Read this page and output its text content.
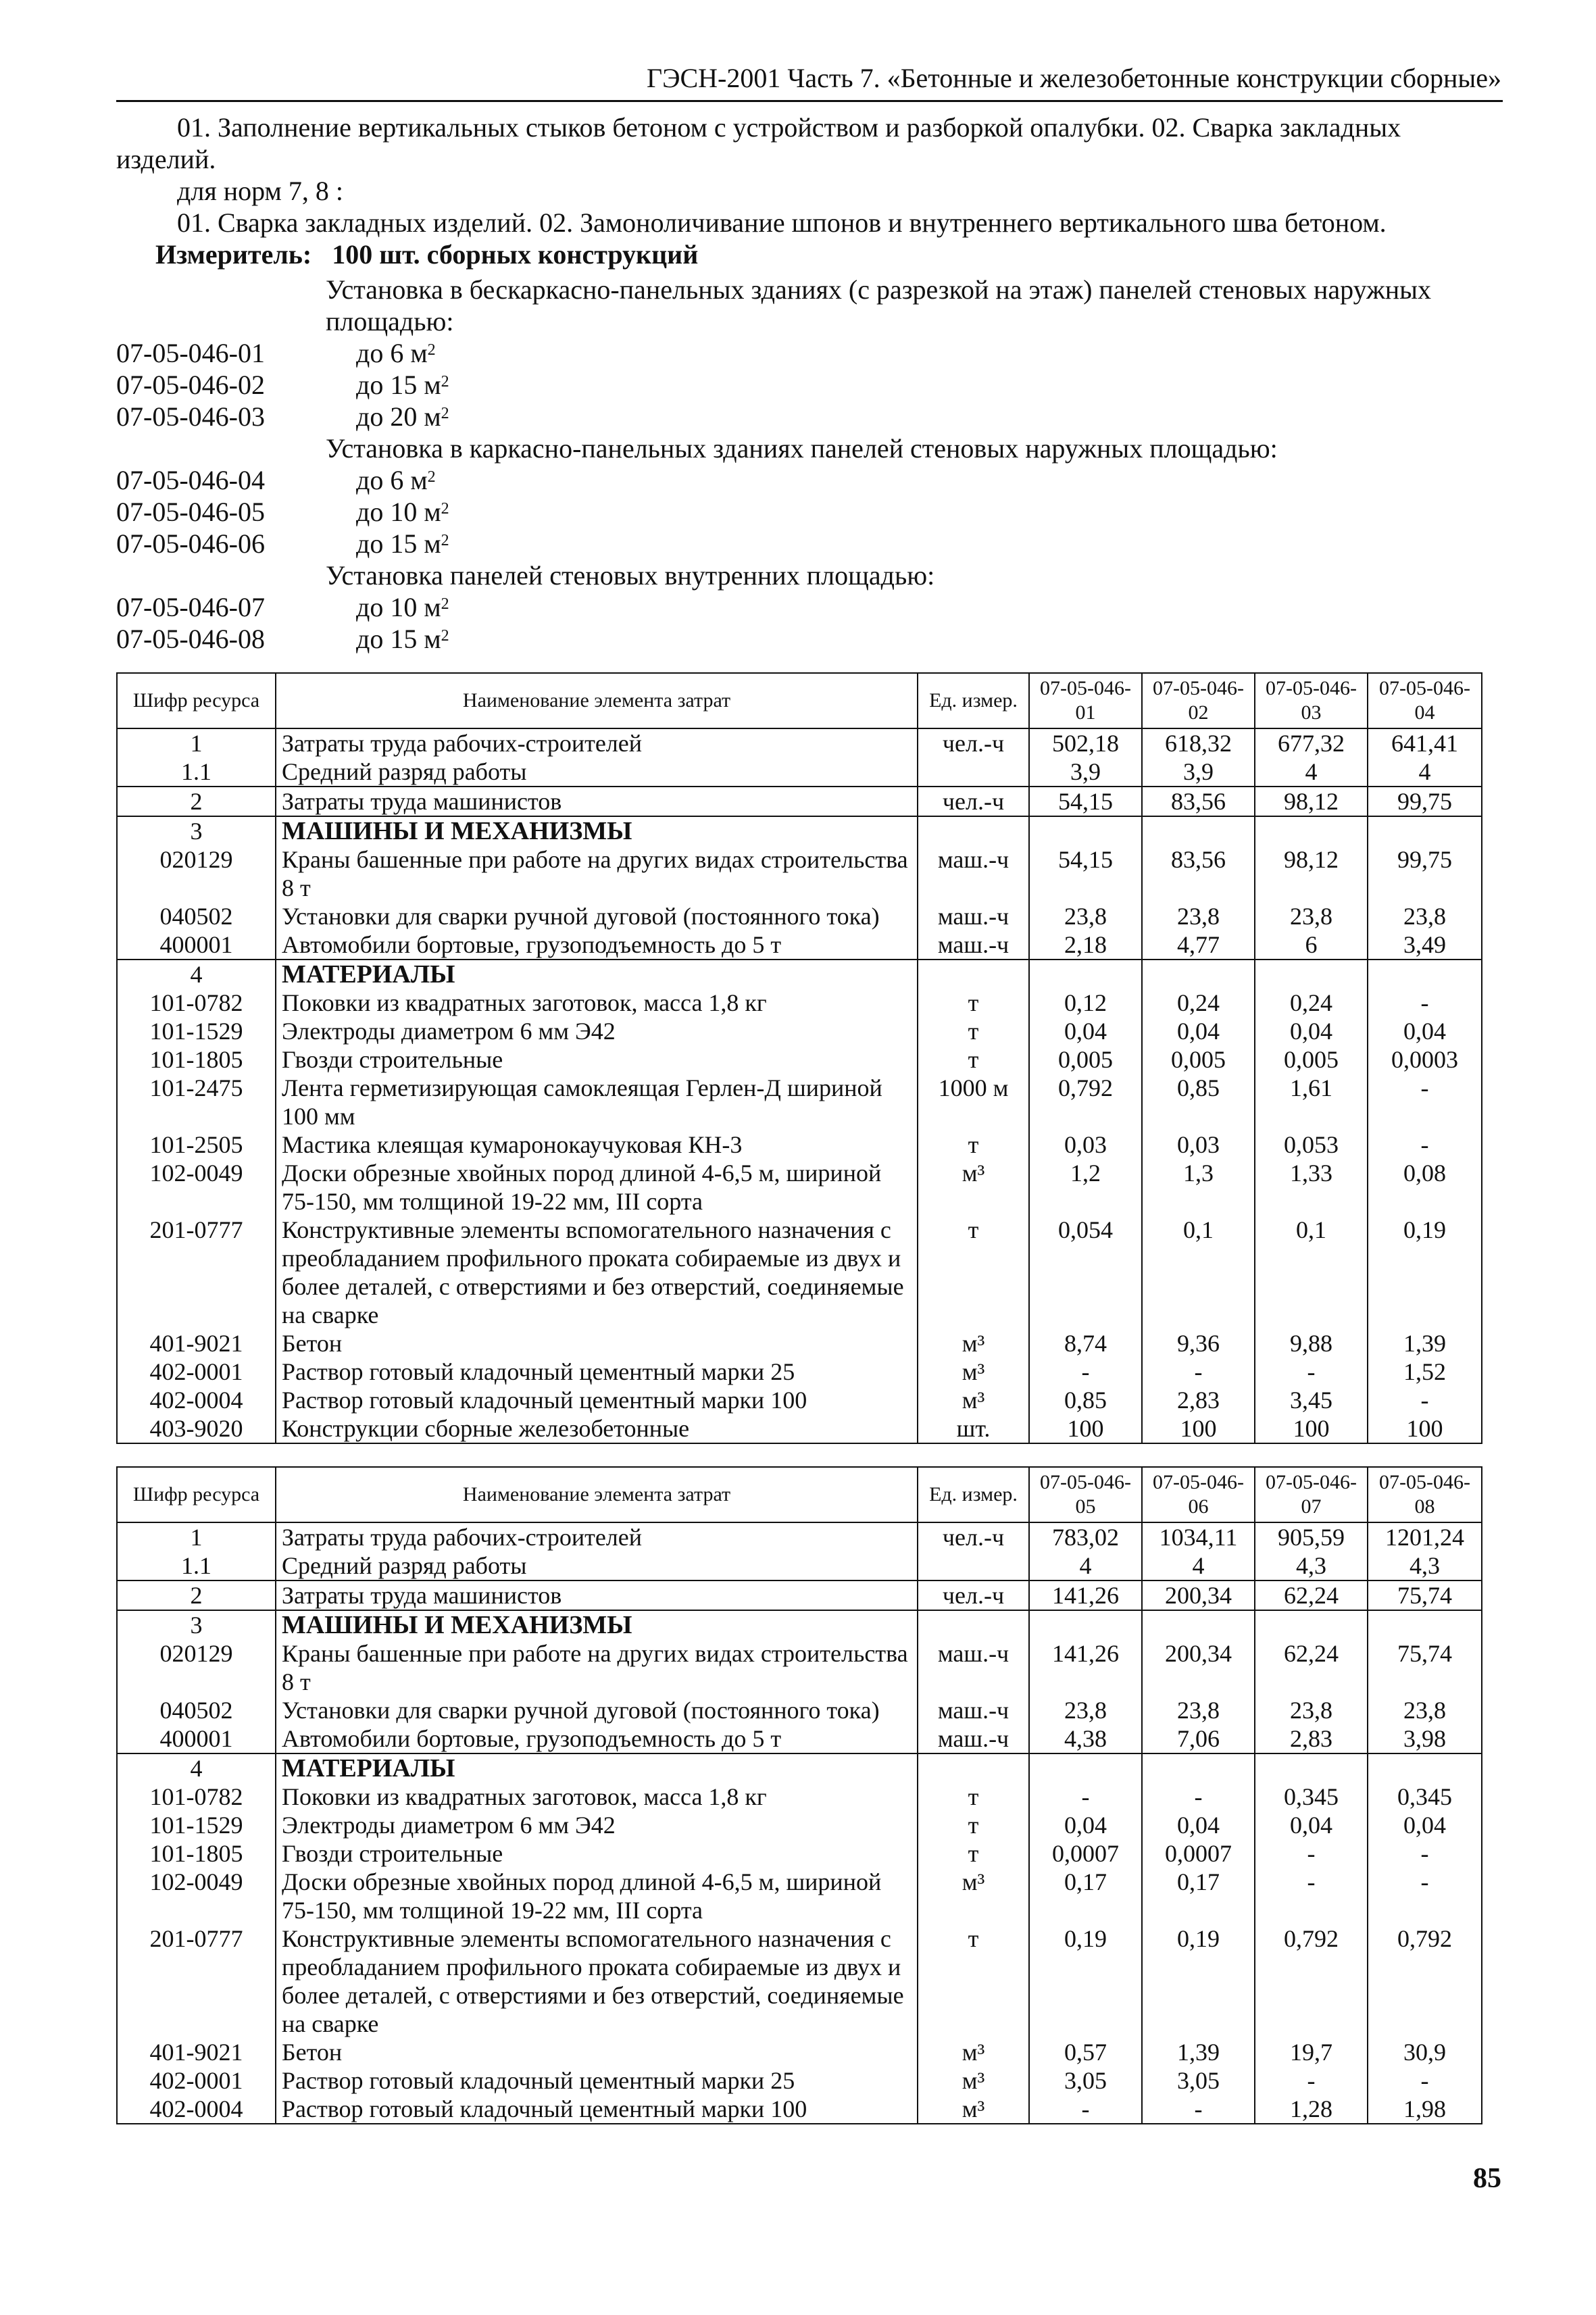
ГЭСН-2001 Часть 7. «Бетонные и железобетонные конструкции сборные»
01. Заполнение вертикальных стыков бетоном с устройством и разборкой опалубки. 02. Сварка закладных изделий.
для норм 7, 8 :
01. Сварка закладных изделий. 02. Замоноличивание шпонов и внутреннего вертикального шва бетоном.
Измеритель: 100 шт. сборных конструкций
Установка в бескаркасно-панельных зданиях (с разрезкой на этаж) панелей стеновых наружных площадью:
07-05-046-01	до 6 $м^2$
07-05-046-02	до 15 $м^2$
07-05-046-03	до 20 $м^2$
Установка в каркасно-панельных зданиях панелей стеновых наружных площадью:
07-05-046-04	до 6 $м^2$
07-05-046-05	до 10 $м^2$
07-05-046-06	до 15 $м^2$
Установка панелей стеновых внутренних площадью:
07-05-046-07	до 10 $м^2$
07-05-046-08	до 15 $м^2$
Шифр ресурса	Наименование элемента затрат	Ед. измер.	07-05-046-01	07-05-046-02	07-05-046-03	07-05-046-04
1	Затраты труда рабочих-строителей	чел.-ч	502,18	618,32	677,32	641,41
1.1	Средний разряд работы		3,9	3,9	4	4
2	Затраты труда машинистов	чел.-ч	54,15	83,56	98,12	99,75
3	МАШИНЫ И МЕХАНИЗМЫ					
020129	Краны башенные при работе на других видах строительства 8 т	маш.-ч	54,15	83,56	98,12	99,75
040502	Установки для сварки ручной дуговой (постоянного тока)	маш.-ч	23,8	23,8	23,8	23,8
400001	Автомобили бортовые, грузоподъемность до 5 т	маш.-ч	2,18	4,77	6	3,49
4	МАТЕРИАЛЫ					
101-0782	Поковки из квадратных заготовок, масса 1,8 кг	т	0,12	0,24	0,24	-
101-1529	Электроды диаметром 6 мм Э42	т	0,04	0,04	0,04	0,04
101-1805	Гвозди строительные	т	0,005	0,005	0,005	0,0003
101-2475	Лента герметизирующая самоклеящая Герлен-Д шириной 100 мм	1000 м	0,792	0,85	1,61	-
101-2505	Мастика клеящая кумаронокаучуковая КН-3	т	0,03	0,03	0,053	-
102-0049	Доски обрезные хвойных пород длиной 4-6,5 м, шириной 75-150, мм толщиной 19-22 мм, III сорта	м³	1,2	1,3	1,33	0,08
201-0777	Конструктивные элементы вспомогательного назначения с преобладанием профильного проката собираемые из двух и более деталей, с отверстиями и без отверстий, соединяемые на сварке	т	0,054	0,1	0,1	0,19
401-9021	Бетон	м³	8,74	9,36	9,88	1,39
402-0001	Раствор готовый кладочный цементный марки 25	м³	-	-	-	1,52
402-0004	Раствор готовый кладочный цементный марки 100	м³	0,85	2,83	3,45	-
403-9020	Конструкции сборные железобетонные	шт.	100	100	100	100
Шифр ресурса	Наименование элемента затрат	Ед. измер.	07-05-046-05	07-05-046-06	07-05-046-07	07-05-046-08
1	Затраты труда рабочих-строителей	чел.-ч	783,02	1034,11	905,59	1201,24
1.1	Средний разряд работы		4	4	4,3	4,3
2	Затраты труда машинистов	чел.-ч	141,26	200,34	62,24	75,74
3	МАШИНЫ И МЕХАНИЗМЫ					
020129	Краны башенные при работе на других видах строительства 8 т	маш.-ч	141,26	200,34	62,24	75,74
040502	Установки для сварки ручной дуговой (постоянного тока)	маш.-ч	23,8	23,8	23,8	23,8
400001	Автомобили бортовые, грузоподъемность до 5 т	маш.-ч	4,38	7,06	2,83	3,98
4	МАТЕРИАЛЫ					
101-0782	Поковки из квадратных заготовок, масса 1,8 кг	т	-	-	0,345	0,345
101-1529	Электроды диаметром 6 мм Э42	т	0,04	0,04	0,04	0,04
101-1805	Гвозди строительные	т	0,0007	0,0007	-	-
102-0049	Доски обрезные хвойных пород длиной 4-6,5 м, шириной 75-150, мм толщиной 19-22 мм, III сорта	м³	0,17	0,17	-	-
201-0777	Конструктивные элементы вспомогательного назначения с преобладанием профильного проката собираемые из двух и более деталей, с отверстиями и без отверстий, соединяемые на сварке	т	0,19	0,19	0,792	0,792
401-9021	Бетон	м³	0,57	1,39	19,7	30,9
402-0001	Раствор готовый кладочный цементный марки 25	м³	3,05	3,05	-	-
402-0004	Раствор готовый кладочный цементный марки 100	м³	-	-	1,28	1,98
85
